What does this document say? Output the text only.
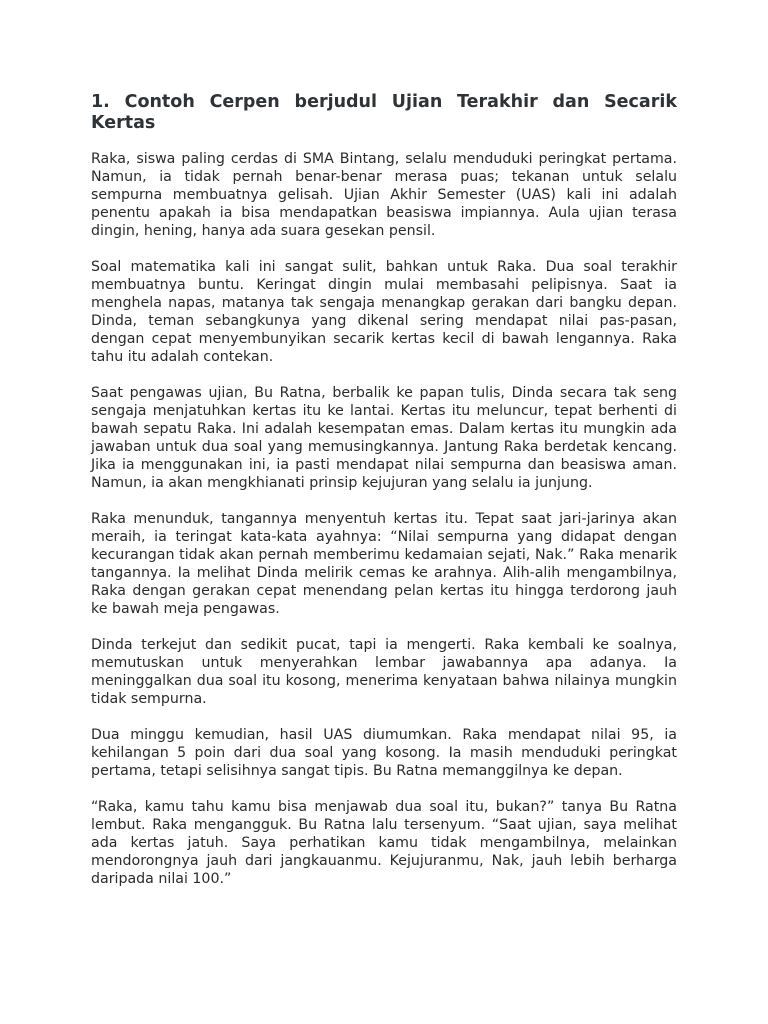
1. Contoh Cerpen berjudul Ujian Terakhir dan Secarik Kertas

Raka, siswa paling cerdas di SMA Bintang, selalu menduduki peringkat pertama. Namun, ia tidak pernah benar-benar merasa puas; tekanan untuk selalu sempurna membuatnya gelisah. Ujian Akhir Semester (UAS) kali ini adalah penentu apakah ia bisa mendapatkan beasiswa impiannya. Aula ujian terasa dingin, hening, hanya ada suara gesekan pensil.

Soal matematika kali ini sangat sulit, bahkan untuk Raka. Dua soal terakhir membuatnya buntu. Keringat dingin mulai membasahi pelipisnya. Saat ia menghela napas, matanya tak sengaja menangkap gerakan dari bangku depan. Dinda, teman sebangkunya yang dikenal sering mendapat nilai pas-pasan, dengan cepat menyembunyikan secarik kertas kecil di bawah lengannya. Raka tahu itu adalah contekan.

Saat pengawas ujian, Bu Ratna, berbalik ke papan tulis, Dinda secara tak seng sengaja menjatuhkan kertas itu ke lantai. Kertas itu meluncur, tepat berhenti di bawah sepatu Raka. Ini adalah kesempatan emas. Dalam kertas itu mungkin ada jawaban untuk dua soal yang memusingkannya. Jantung Raka berdetak kencang. Jika ia menggunakan ini, ia pasti mendapat nilai sempurna dan beasiswa aman. Namun, ia akan mengkhianati prinsip kejujuran yang selalu ia junjung.

Raka menunduk, tangannya menyentuh kertas itu. Tepat saat jari-jarinya akan meraih, ia teringat kata-kata ayahnya: “Nilai sempurna yang didapat dengan kecurangan tidak akan pernah memberimu kedamaian sejati, Nak.” Raka menarik tangannya. Ia melihat Dinda melirik cemas ke arahnya. Alih-alih mengambilnya, Raka dengan gerakan cepat menendang pelan kertas itu hingga terdorong jauh ke bawah meja pengawas.

Dinda terkejut dan sedikit pucat, tapi ia mengerti. Raka kembali ke soalnya, memutuskan untuk menyerahkan lembar jawabannya apa adanya. Ia meninggalkan dua soal itu kosong, menerima kenyataan bahwa nilainya mungkin tidak sempurna.

Dua minggu kemudian, hasil UAS diumumkan. Raka mendapat nilai 95, ia kehilangan 5 poin dari dua soal yang kosong. Ia masih menduduki peringkat pertama, tetapi selisihnya sangat tipis. Bu Ratna memanggilnya ke depan.

“Raka, kamu tahu kamu bisa menjawab dua soal itu, bukan?” tanya Bu Ratna lembut. Raka mengangguk. Bu Ratna lalu tersenyum. “Saat ujian, saya melihat ada kertas jatuh. Saya perhatikan kamu tidak mengambilnya, melainkan mendorongnya jauh dari jangkauanmu. Kejujuranmu, Nak, jauh lebih berharga daripada nilai 100.”
